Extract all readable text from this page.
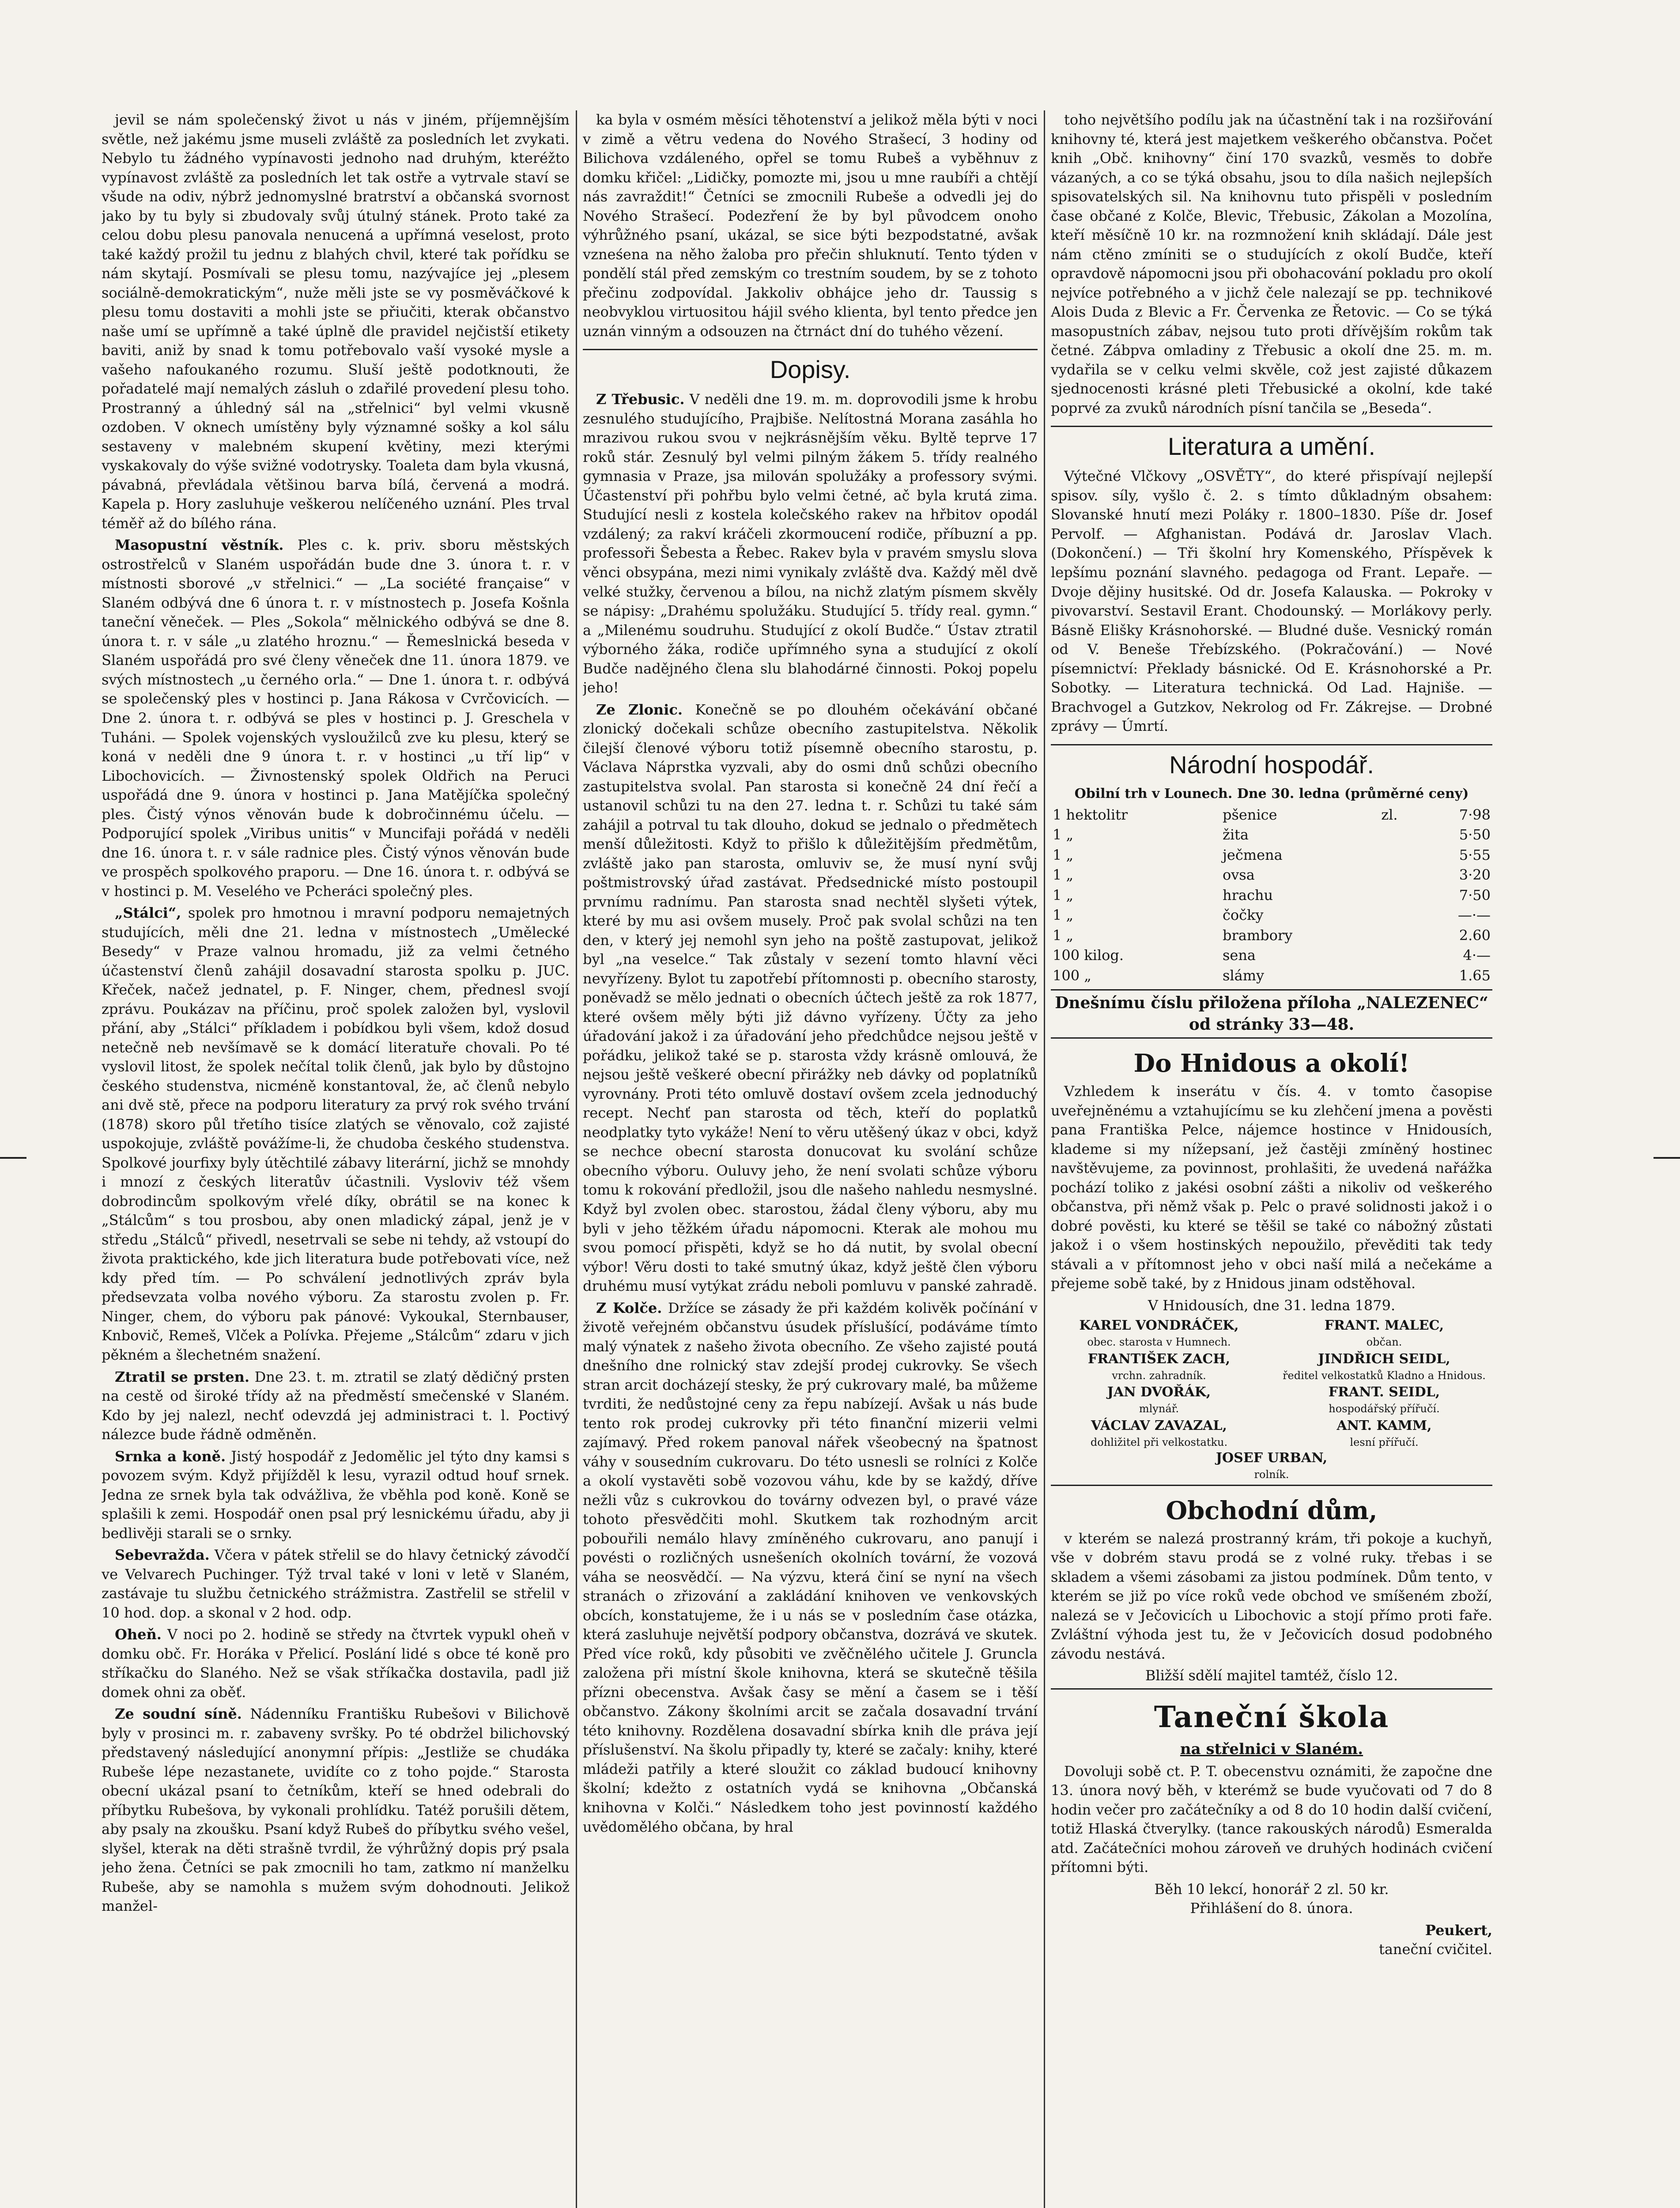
jevil se nám společenský život u nás v jiném, příjemnějším světle, než jakému jsme museli zvláště za posledních let zvykati. Nebylo tu žádného vypínavosti jednoho nad druhým, kteréžto vypínavost zvláště za posledních let tak ostře a vytrvale staví se všude na odiv, nýbrž jednomyslné bratrství a občanská svornost jako by tu byly si zbudovaly svůj útulný stánek. Proto také za celou dobu plesu panovala nenucená a upřímná veselost, proto také každý prožil tu jednu z blahých chvil, které tak pořídku se nám skytají. Posmívali se plesu tomu, nazývajíce jej „plesem sociálně-demokratickým“, nuže měli jste se vy posměváčkové k plesu tomu dostaviti a mohli jste se přiučiti, kterak občanstvo naše umí se upřímně a také úplně dle pravidel nejčistší etikety baviti, aniž by snad k tomu potřebovalo vaší vysoké mysle a vašeho nafoukaného rozumu. Sluší ještě podotknouti, že pořadatelé mají nemalých zásluh o zdařilé provedení plesu toho. Prostranný a úhledný sál na „střelnici“ byl velmi vkusně ozdoben. V oknech umístěny byly významné sošky a kol sálu sestaveny v malebném skupení květiny, mezi kterými vyskakovaly do výše svižné vodotrysky. Toaleta dam byla vkusná, pávabná, převládala většinou barva bílá, červená a modrá. Kapela p. Hory zasluhuje veškerou nelíčeného uznání. Ples trval téměř až do bílého rána.

Masopustní věstník. Ples c. k. priv. sboru městských ostrostřelců v Slaném uspořádán bude dne 3. února t. r. v místnosti sborové „v střelnici.“ — „La société française“ v Slaném odbývá dne 6 února t. r. v místnostech p. Josefa Košnla taneční věneček. — Ples „Sokola“ mělnického odbývá se dne 8. února t. r. v sále „u zlatého hroznu.“ — Řemeslnická beseda v Slaném uspořádá pro své členy věneček dne 11. února 1879. ve svých místnostech „u černého orla.“ — Dne 1. února t. r. odbývá se společenský ples v hostinci p. Jana Rákosa v Cvrčovicích. — Dne 2. února t. r. odbývá se ples v hostinci p. J. Greschela v Tuháni. — Spolek vojenských vysloužilců zve ku plesu, který se koná v neděli dne 9 února t. r. v hostinci „u tří lip“ v Libochovicích. — Živnostenský spolek Oldřich na Peruci uspořádá dne 9. února v hostinci p. Jana Matějíčka společný ples. Čistý výnos věnován bude k dobročinnému účelu. — Podporující spolek „Viribus unitis“ v Muncifaji pořádá v neděli dne 16. února t. r. v sále radnice ples. Čistý výnos věnován bude ve prospěch spolkového praporu. — Dne 16. února t. r. odbývá se v hostinci p. M. Veselého ve Pcheráci společný ples.

„Stálci“, spolek pro hmotnou i mravní podporu nemajetných studujících, měli dne 21. ledna v místnostech „Umělecké Besedy“ v Praze valnou hromadu, již za velmi četného účastenství členů zahájil dosavadní starosta spolku p. JUC. Křeček, načež jednatel, p. F. Ninger, chem, přednesl svojí zprávu. Poukázav na příčinu, proč spolek založen byl, vyslovil přání, aby „Stálci“ příkladem i pobídkou byli všem, kdož dosud netečně neb nevšímavě se k domácí literatuře chovali. Po té vyslovil litost, že spolek nečítal tolik členů, jak bylo by důstojno českého studenstva, nicméně konstantoval, že, ač členů nebylo ani dvě stě, přece na podporu literatury za prvý rok svého trvání (1878) skoro půl třetího tisíce zlatých se věnovalo, což zajisté uspokojuje, zvláště povážíme-li, že chudoba českého studenstva. Spolkové jourfixy byly útěchtilé zábavy literární, jichž se mnohdy i mnozí z českých literatův účastnili. Vysloviv též všem dobrodincům spolkovým vřelé díky, obrátil se na konec k „Stálcům“ s tou prosbou, aby onen mladický zápal, jenž je v středu „Stálců“ přivedl, nesetrvali se sebe ni tehdy, až vstoupí do života praktického, kde jich literatura bude potřebovati více, než kdy před tím. — Po schválení jednotlivých zpráv byla předsevzata volba nového výboru. Za starostu zvolen p. Fr. Ninger, chem, do výboru pak pánové: Vykoukal, Sternbauser, Knbovič, Remeš, Vlček a Polívka. Přejeme „Stálcům“ zdaru v jich pěkném a šlechetném snažení.

Ztratil se prsten. Dne 23. t. m. ztratil se zlatý dědičný prsten na cestě od široké třídy až na předměstí smečenské v Slaném. Kdo by jej nalezl, nechť odevzdá jej administraci t. l. Poctivý nálezce bude řádně odměněn.

Srnka a koně. Jistý hospodář z Jedomělic jel týto dny kamsi s povozem svým. Když přijížděl k lesu, vyrazil odtud houf srnek. Jedna ze srnek byla tak odvážliva, že vběhla pod koně. Koně se splašili k zemi. Hospodář onen psal prý lesnickému úřadu, aby ji bedlivěji starali se o srnky.

Sebevražda. Včera v pátek střelil se do hlavy četnický závodčí ve Velvarech Puchinger. Týž trval také v loni v letě v Slaném, zastávaje tu službu četnického strážmistra. Zastřelil se střelil v 10 hod. dop. a skonal v 2 hod. odp.

Oheň. V noci po 2. hodině se středy na čtvrtek vypukl oheň v domku obč. Fr. Horáka v Přelicí. Poslání lidé s obce té koně pro stříkačku do Slaného. Než se však stříkačka dostavila, padl již domek ohni za oběť.

Ze soudní síně. Nádenníku Františku Rubešovi v Bilichově byly v prosinci m. r. zabaveny svršky. Po té obdržel bilichovský představený následující anonymní přípis: „Jestliže se chudáka Rubeše lépe nezastanete, uvidíte co z toho pojde.“ Starosta obecní ukázal psaní to četníkům, kteří se hned odebrali do příbytku Rubešova, by vykonali prohlídku. Tatéž porušili dětem, aby psaly na zkoušku. Psaní když Rubeš do příbytku svého vešel, slyšel, kterak na děti strašně tvrdil, že výhrůžný dopis prý psala jeho žena. Četníci se pak zmocnili ho tam, zatkmo ní manželku Rubeše, aby se namohla s mužem svým dohodnouti. Jelikož manžel-

ka byla v osmém měsíci těhotenství a jelikož měla býti v noci v zimě a větru vedena do Nového Strašecí, 3 hodiny od Bilichova vzdáleného, opřel se tomu Rubeš a vyběhnuv z domku křičel: „Lidičky, pomozte mi, jsou u mne raubíři a chtějí nás zavraždit!“ Četníci se zmocnili Rubeše a odvedli jej do Nového Strašecí. Podezření že by byl původcem onoho výhrůžného psaní, ukázal, se sice býti bezpodstatné, avšak vzneśena na něho žaloba pro přečin shluknutí. Tento týden v pondělí stál před zemským co trestním soudem, by se z tohoto přečinu zodpovídal. Jakkoliv obhájce jeho dr. Taussig s neobvyklou virtuositou hájil svého klienta, byl tento předce jen uznán vinným a odsouzen na čtrnáct dní do tuhého vězení.

Dopisy.

Z Třebusic. V neděli dne 19. m. m. doprovodili jsme k hrobu zesnulého studujícího, Prajbiše. Nelítostná Morana zasáhla ho mrazivou rukou svou v nejkrásnějším věku. Byltě teprve 17 roků stár. Zesnulý byl velmi pilným žákem 5. třídy realného gymnasia v Praze, jsa milován spolužáky a professory svými. Účastenství při pohřbu bylo velmi četné, ač byla krutá zima. Studující nesli z kostela kolečského rakev na hřbitov opodál vzdálený; za rakví kráčeli zkormoucení rodiče, příbuzní a pp. professoři Šebesta a Řebec. Rakev byla v pravém smyslu slova věnci obsypána, mezi nimi vynikaly zvláště dva. Každý měl dvě velké stužky, červenou a bílou, na nichž zlatým písmem skvěly se nápisy: „Drahému spolužáku. Studující 5. třídy real. gymn.“ a „Milenému soudruhu. Studující z okolí Budče.“ Ústav ztratil výborného žáka, rodiče upřímného syna a studující z okolí Budče nadějného člena slu blahodárné činnosti. Pokoj popelu jeho!

Ze Zlonic. Konečně se po dlouhém očekávání občané zlonický dočekali schůze obecního zastupitelstva. Několik čilejší členové výboru totiž písemně obecního starostu, p. Václava Náprstka vyzvali, aby do osmi dnů schůzi obecního zastupitelstva svolal. Pan starosta si konečně 24 dní řečí a ustanovil schůzi tu na den 27. ledna t. r. Schůzi tu také sám zahájil a potrval tu tak dlouho, dokud se jednalo o předmětech menší důležitosti. Když to přišlo k důležitějším předmětům, zvláště jako pan starosta, omluviv se, že musí nyní svůj poštmistrovský úřad zastávat. Předsednické místo postoupil prvnímu radnímu. Pan starosta snad nechtěl slyšeti výtek, které by mu asi ovšem musely. Proč pak svolal schůzi na ten den, v který jej nemohl syn jeho na poště zastupovat, jelikož byl „na veselce.“ Tak zůstaly v sezení tomto hlavní věci nevyřízeny. Bylot tu zapotřebí přítomnosti p. obecního starosty, poněvadž se mělo jednati o obecních účtech ještě za rok 1877, které ovšem měly býti již dávno vyřízeny. Účty za jeho úřadování jakož i za úřadování jeho předchůdce nejsou ještě v pořádku, jelikož také se p. starosta vždy krásně omlouvá, že nejsou ještě veškeré obecní přirážky neb dávky od poplatníků vyrovnány. Proti této omluvě dostaví ovšem zcela jednoduchý recept. Nechť pan starosta od těch, kteří do poplatků neodplatky tyto vykáže! Není to věru utěšený úkaz v obci, když se nechce obecní starosta donucovat ku svolání schůze obecního výboru. Ouluvy jeho, že není svolati schůze výboru tomu k rokování předložil, jsou dle našeho nahledu nesmyslné. Když byl zvolen obec. starostou, žádal členy výboru, aby mu byli v jeho těžkém úřadu nápomocni. Kterak ale mohou mu svou pomocí přispěti, když se ho dá nutit, by svolal obecní výbor! Věru dosti to také smutný úkaz, když ještě člen výboru druhému musí vytýkat zrádu neboli pomluvu v panské zahradě.

Z Kolče. Držíce se zásady že při každém kolivěk počínání v životě veřejném občanstvu úsudek příslušící, podáváme tímto malý výnatek z našeho života obecního. Ze všeho zajisté poutá dnešního dne rolnický stav zdejší prodej cukrovky. Se všech stran arcit docházejí stesky, že prý cukrovary malé, ba můžeme tvrditi, že nedůstojné ceny za řepu nabízejí. Avšak u nás bude tento rok prodej cukrovky při této finanční mizerii velmi zajímavý. Před rokem panoval nářek všeobecný na špatnost váhy v sousedním cukrovaru. Do této usnesli se rolníci z Kolče a okolí vystavěti sobě vozovou váhu, kde by se každý, dříve nežli vůz s cukrovkou do továrny odvezen byl, o pravé váze tohoto přesvědčiti mohl. Skutkem tak rozhodným arcit pobouřili nemálo hlavy zmíněného cukrovaru, ano panují i povésti o rozličných usnešeních okolních tovární, že vozová váha se neosvědčí. — Na výzvu, která činí se nyní na všech stranách o zřizování a zakládání knihoven ve venkovských obcích, konstatujeme, že i u nás se v posledním čase otázka, která zasluhuje největší podpory občanstva, dozrává ve skutek. Před více roků, kdy působiti ve zvěčnělého učitele J. Gruncla založena při místní škole knihovna, která se skutečně těšila přízni obecenstva. Avšak časy se mění a časem se i těší občanstvo. Zákony školními arcit se začala dosavadní trvání této knihovny. Rozdělena dosavadní sbírka knih dle práva její příslušenství. Na školu připadly ty, které se začaly: knihy, které mládeži patřily a které sloužit co základ budoucí knihovny školní; kdežto z ostatních vydá se knihovna „Občanská knihovna v Kolči.“ Následkem toho jest povinností každého uvědomělého občana, by hral

toho největšího podílu jak na účastnění tak i na rozšiřování knihovny té, která jest majetkem veškerého občanstva. Počet knih „Obč. knihovny“ činí 170 svazků, vesměs to dobře vázaných, a co se týká obsahu, jsou to díla našich nejlepších spisovatelských sil. Na knihovnu tuto přispěli v posledním čase občané z Kolče, Blevic, Třebusic, Zákolan a Mozolína, kteří měsíčně 10 kr. na rozmnožení knih skládají. Dále jest nám ctěno zmíniti se o studujících z okolí Budče, kteří opravdově nápomocni jsou při obohacování pokladu pro okolí nejvíce potřebného a v jichž čele nalezají se pp. technikové Alois Duda z Blevic a Fr. Červenka ze Řetovic. — Co se týká masopustních zábav, nejsou tuto proti dřívějším rokům tak četné. Zábpva omladiny z Třebusic a okolí dne 25. m. m. vydařila se v celku velmi skvěle, což jest zajisté důkazem sjednocenosti krásné pleti Třebusické a okolní, kde také poprvé za zvuků národních písní tančila se „Beseda“.

Literatura a umění.

Výtečné Vlčkovy „OSVĚTY“, do které přispívají nejlepší spisov. síly, vyšlo č. 2. s tímto důkladným obsahem: Slovanské hnutí mezi Poláky r. 1800–1830. Píše dr. Josef Pervolf. — Afghanistan. Podává dr. Jaroslav Vlach. (Dokončení.) — Tři školní hry Komenského, Příspěvek k lepšímu poznání slavného. pedagoga od Frant. Lepaře. — Dvoje dějiny husitské. Od dr. Josefa Kalauska. — Pokroky v pivovarství. Sestavil Erant. Chodounský. — Morlákovy perly. Básně Elišky Krásnohorské. — Bludné duše. Vesnický román od V. Beneše Třebízského. (Pokračování.) — Nové písemnictví: Překlady básnické. Od E. Krásnohorské a Pr. Sobotky. — Literatura technická. Od Lad. Hajniše. — Brachvogel a Gutzkov, Nekrolog od Fr. Zákrejse. — Drobné zprávy — Úmrtí.

Národní hospodář.
Obilní trh v Lounech. Dne 30. ledna (průměrné ceny)
1 hektolitr	pšenice	zl.	7·98
1 „	žita		5·50
1 „	ječmena		5·55
1 „	ovsa		3·20
1 „	hrachu		7·50
1 „	čočky		—·—
1 „	brambory		2.60
100 kilog.	sena		4·—
100 „	slámy		1.65
Dnešnímu číslu přiložena příloha „NALEZENEC“ od stránky 33—48.
Do Hnidous a okolí!

Vzhledem k inserátu v čís. 4. v tomto časopise uveřejněnému a vztahujícímu se ku zlehčení jmena a pověsti pana Františka Pelce, nájemce hostince v Hnidousích, klademe si my nížepsaní, jež častěji zmíněný hostinec navštěvujeme, za povinnost, prohlašiti, že uvedená nařážka pochází toliko z jakési osobní zášti a nikoliv od veškerého občanstva, při němž však p. Pelc o pravé solidnosti jakož i o dobré pověsti, ku které se těšil se také co nábožný zůstati jakož i o všem hostinských nepoužilo, převěditi tak tedy stávali a v přítomnost jeho v obci naší milá a nečekáme a přejeme sobě také, by z Hnidous jinam odstěhoval.

V Hnidousích, dne 31. ledna 1879.

KAREL VONDRÁČEK,
obec. starosta v Humnech.
FRANT. MALEC,
občan.
FRANTIŠEK ZACH,
vrchn. zahradník.
JINDŘICH SEIDL,
ředitel velkostatků Kladno a Hnidous.
JAN DVOŘÁK,
mlynář.
FRANT. SEIDL,
hospodářský přířučí.
VÁCLAV ZAVAZAL,
dohližitel při velkostatku.
ANT. KAMM,
lesní přířučí.
JOSEF URBAN,
rolník.
Obchodní dům,

v kterém se nalezá prostranný krám, tři pokoje a kuchyň, vše v dobrém stavu prodá se z volné ruky. třebas i se skladem a všemi zásobami za jistou podmínek. Dům tento, v kterém se již po více roků vede obchod ve smíšeném zboží, nalezá se v Ječovicích u Libochovic a stojí přímo proti faře. Zvláštní výhoda jest tu, že v Ječovicích dosud podobného závodu nestává.

Bližší sdělí majitel tamtéž, číslo 12.

Taneční škola
na střelnici v Slaném.

Dovoluji sobě ct. P. T. obecenstvu oznámiti, že započne dne 13. února nový běh, v kterémž se bude vyučovati od 7 do 8 hodin večer pro začátečníky a od 8 do 10 hodin další cvičení, totiž Hlaská čtverylky. (tance rakouských národů) Esmeralda atd. Začátečníci mohou zároveň ve druhých hodinách cvičení přítomni býti.

Běh 10 lekcí, honorář 2 zl. 50 kr.
Přihlášení do 8. února.
Peukert,
taneční cvičitel.
